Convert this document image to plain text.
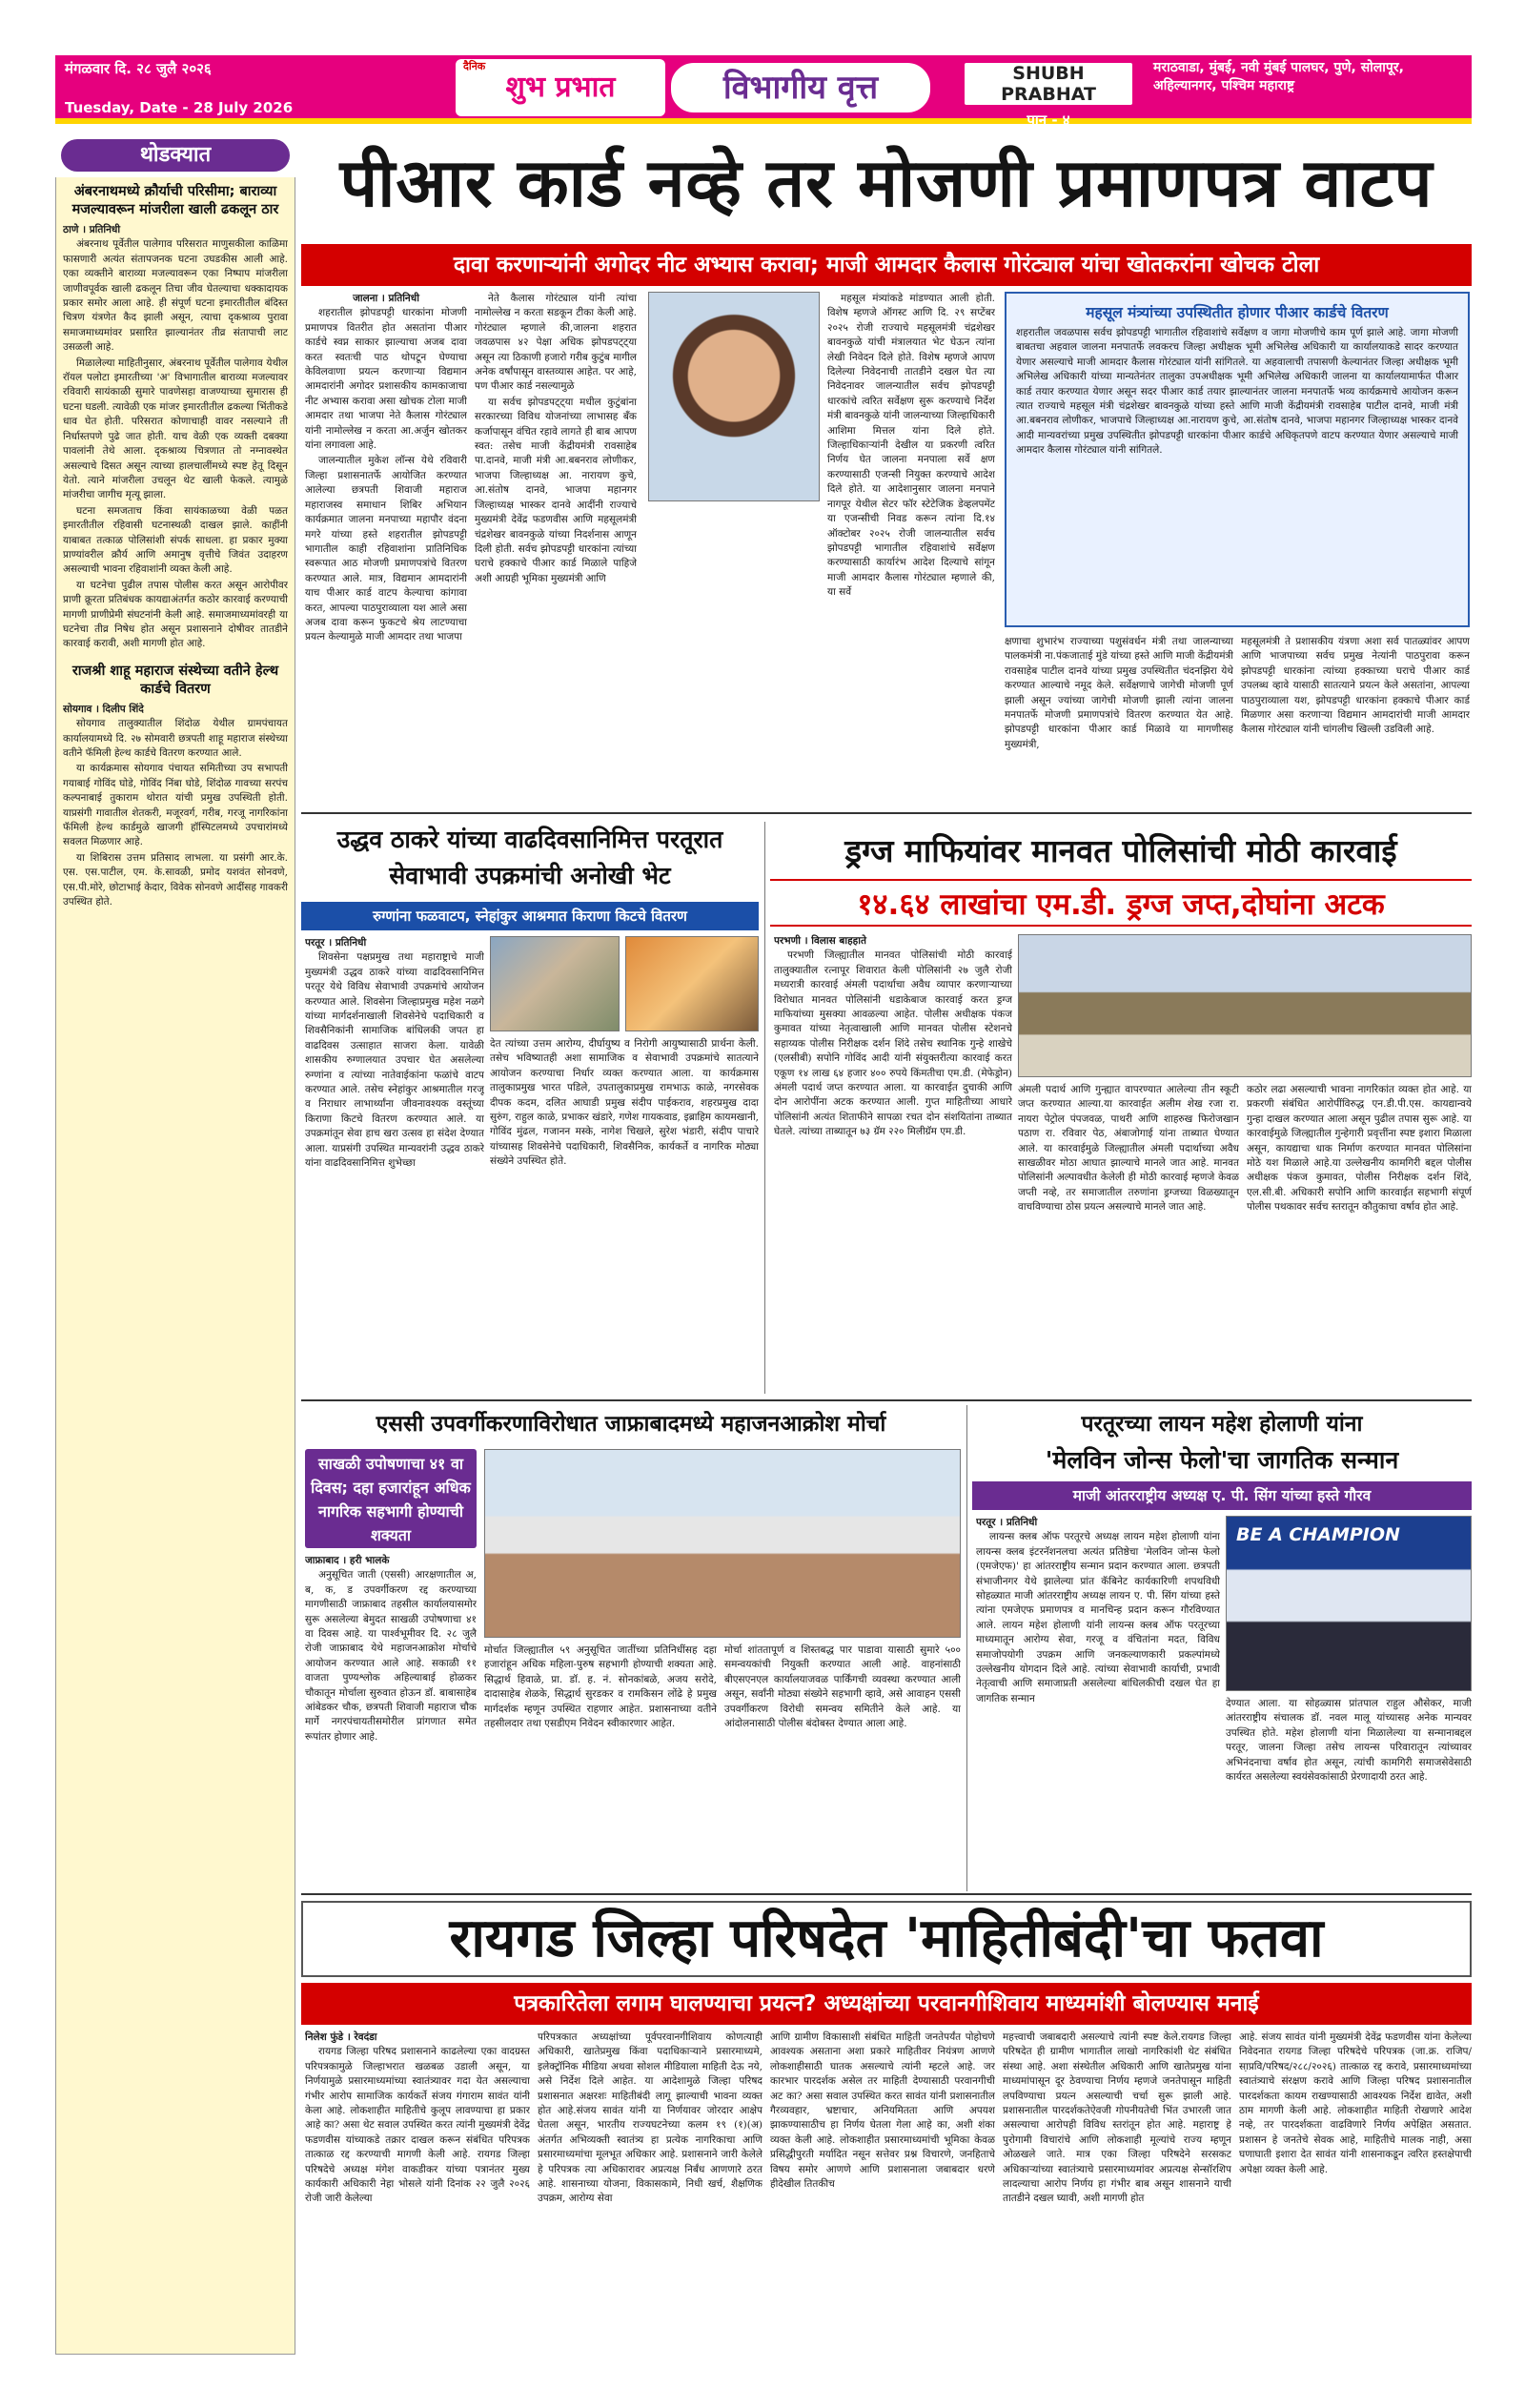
मंगळवार दि. २८ जुलै २०२६
Tuesday, Date - 28 July 2026
दैनिक
शुभ प्रभात	विभागीय वृत्त	SHUBH PRABHAT
पान - ४
मराठवाडा, मुंबई, नवी मुंबई पालघर, पुणे, सोलापूर, अहिल्यानगर, पश्चिम महाराष्ट्र
थोडक्यात
अंबरनाथमध्ये क्रौर्याची परिसीमा; बाराव्या मजल्यावरून मांजरीला खाली ढकलून ठार
ठाणे । प्रतिनिधी

अंबरनाथ पूर्वेतील पालेगाव परिसरात माणुसकीला काळिमा फासणारी अत्यंत संतापजनक घटना उघडकीस आली आहे. एका व्यक्तीने बाराव्या मजल्यावरून एका निष्पाप मांजरीला जाणीवपूर्वक खाली ढकलून तिचा जीव घेतल्याचा धक्कादायक प्रकार समोर आला आहे. ही संपूर्ण घटना इमारतीतील बंदिस्त चित्रण यंत्रणेत कैद झाली असून, त्याचा दृकश्राव्य पुरावा समाजमाध्यमांवर प्रसारित झाल्यानंतर तीव्र संतापाची लाट उसळली आहे.

मिळालेल्या माहितीनुसार, अंबरनाथ पूर्वेतील पालेगाव येथील रॉयल पलोटा इमारतीच्या 'अ' विभागातील बाराव्या मजल्यावर रविवारी सायंकाळी सुमारे पावणेसहा वाजण्याच्या सुमारास ही घटना घडली. त्यावेळी एक मांजर इमारतीतील ढकल्या भिंतीकडे धाव घेत होती. परिसरात कोणाचाही वावर नसल्याने ती निर्धास्तपणे पुढे जात होती. याच वेळी एक व्यक्ती दबक्या पावलांनी तेथे आला. दृकश्राव्य चित्रणात तो नग्नावस्थेत असल्याचे दिसत असून त्याच्या हालचालींमध्ये स्पष्ट हेतू दिसून येतो. त्याने मांजरीला उचलून थेट खाली फेकले. त्यामुळे मांजरीचा जागीच मृत्यू झाला.

घटना समजताच किंवा सायंकाळच्या वेळी पळत इमारतीतील रहिवासी घटनास्थळी दाखल झाले. काहींनी याबाबत तत्काळ पोलिसांशी संपर्क साधला. हा प्रकार मुक्या प्राण्यांवरील क्रौर्य आणि अमानुष वृत्तीचे जिवंत उदाहरण असल्याची भावना रहिवाशांनी व्यक्त केली आहे.

या घटनेचा पुढील तपास पोलीस करत असून आरोपीवर प्राणी क्रूरता प्रतिबंधक कायद्याअंतर्गत कठोर कारवाई करण्याची मागणी प्राणीप्रेमी संघटनांनी केली आहे. समाजमाध्यमांवरही या घटनेचा तीव्र निषेध होत असून प्रशासनाने दोषीवर तातडीने कारवाई करावी, अशी मागणी होत आहे.

राजश्री शाहू महाराज संस्थेच्या वतीने हेल्थ कार्डचे वितरण
सोयगाव । दिलीप शिंदे

सोयगाव तालुक्यातील शिंदोळ येथील ग्रामपंचायत कार्यालयामध्ये दि. २७ सोमवारी छत्रपती शाहू महाराज संस्थेच्या वतीने फॅमिली हेल्थ कार्डचे वितरण करण्यात आले.

या कार्यक्रमास सोयगाव पंचायत समितीच्या उप सभापती गयाबाई गोविंद घोडे, गोविंद निंबा घोडे, शिंदोळ गावच्या सरपंच कल्पनाबाई तुकाराम थोरात यांची प्रमुख उपस्थिती होती. याप्रसंगी गावातील शेतकरी, मजूरवर्ग, गरीब, गरजू नागरिकांना फॅमिली हेल्थ कार्डमुळे खाजगी हॉस्पिटलमध्ये उपचारांमध्ये सवलत मिळणार आहे.

या शिबिरास उत्तम प्रतिसाद लाभला. या प्रसंगी आर.के. एस. एस.पाटील, एम. के.सावळी, प्रमोद यशवंत सोनवणे, एस.पी.मोरे, छोटाभाई केदार, विवेक सोनवणे आदींसह गावकरी उपस्थित होते.

पीआर कार्ड नव्हे तर मोजणी प्रमाणपत्र वाटप
दावा करणाऱ्यांनी अगोदर नीट अभ्यास करावा; माजी आमदार कैलास गोरंट्याल यांचा खोतकरांना खोचक टोला
जालना । प्रतिनिधी

शहरातील झोपडपट्टी धारकांना मोजणी प्रमाणपत्र वितरीत होत असतांना पीआर कार्डचे स्वप्न साकार झाल्याचा अजब दावा करत स्वतःची पाठ थोपटून घेण्याचा केविलवाणा प्रयत्न करणाऱ्या विद्यमान आमदारांनी अगोदर प्रशासकीय कामकाजाचा नीट अभ्यास करावा असा खोचक टोला माजी आमदार तथा भाजपा नेते कैलास गोरंट्याल यांनी नामोल्लेख न करता आ.अर्जुन खोतकर यांना लगावला आहे.

जालन्यातील मुकेश लॉन्स येथे रविवारी जिल्हा प्रशासनातर्फे आयोजित करण्यात आलेल्या छत्रपती शिवाजी महाराज महाराजस्व समाधान शिबिर अभियान कार्यक्रमात जालना मनपाच्या महापौर वंदना मगरे यांच्या हस्ते शहरातील झोपडपट्टी भागातील काही रहिवाशांना प्रातिनिधिक स्वरूपात आठ मोजणी प्रमाणपत्रांचे वितरण करण्यात आले. मात्र, विद्यमान आमदारांनी याच पीआर कार्ड वाटप केल्याचा कांगावा करत, आपल्या पाठपुराव्याला यश आले असा अजब दावा करून फुकटचे श्रेय लाटण्याचा प्रयत्न केल्यामुळे माजी आमदार तथा भाजपा

नेते कैलास गोरंट्याल यांनी त्यांचा नामोल्लेख न करता सडकून टीका केली आहे. गोरंट्याल म्हणाले की,जालना शहरात जवळपास ४२ पेक्षा अधिक झोपडपट्ट्या असून त्या ठिकाणी हजारो गरीब कुटुंब मागील अनेक वर्षांपासून वास्तव्यास आहेत. पर आहे, पण पीआर कार्ड नसल्यामुळे

या सर्वच झोपडपट्ट्या मधील कुटुंबांना सरकारच्या विविध योजनांच्या लाभासह बँक कर्जापासून वंचित रहावे लागते ही बाब आपण स्वत: तसेच माजी केंद्रीयमंत्री रावसाहेब पा.दानवे, माजी मंत्री आ.बबनराव लोणीकर, भाजपा जिल्हाध्यक्ष आ. नारायण कुचे, आ.संतोष दानवे, भाजपा महानगर जिल्हाध्यक्ष भास्कर दानवे आदींनी राज्याचे मुख्यमंत्री देवेंद्र फडणवीस आणि महसूलमंत्री चंद्रशेखर बावनकुळे यांच्या निदर्शनास आणून दिली होती. सर्वच झोपडपट्टी धारकांना त्यांच्या घराचे हक्काचे पीआर कार्ड मिळाले पाहिजे अशी आग्रही भूमिका मुख्यमंत्री आणि

महसूल मंत्र्यांकडे मांडण्यात आली होती. विशेष म्हणजे ऑगस्ट आणि दि. २९ सप्टेंबर २०२५ रोजी राज्याचे महसूलमंत्री चंद्रशेखर बावनकुळे यांची मंत्रालयात भेट घेऊन त्यांना लेखी निवेदन दिले होते. विशेष म्हणजे आपण दिलेल्या निवेदनाची तातडीने दखल घेत त्या निवेदनावर जालन्यातील सर्वच झोपडपट्टी धारकांचे त्वरित सर्वेक्षण सुरू करण्याचे निर्देश मंत्री बावनकुळे यांनी जालन्याच्या जिल्हाधिकारी आशिमा मित्तल यांना दिले होते. जिल्हाधिकाऱ्यांनी देखील या प्रकरणी त्वरित निर्णय घेत जालना मनपाला सर्वे क्षण करण्यासाठी एजन्सी नियुक्त करण्याचे आदेश दिले होते. या आदेशानुसार जालना मनपाने नागपूर येथील सेटर फॉर स्टेटेजिक डेव्हलपमेंट या एजन्सीची निवड करून त्यांना दि.१४ ऑक्टोबर २०२५ रोजी जालन्यातील सर्वच झोपडपट्टी भागातील रहिवाशांचे सर्वेक्षण करण्यासाठी कार्यारंभ आदेश दिल्याचे सांगून माजी आमदार कैलास गोरंट्याल म्हणाले की, या सर्वे

महसूल मंत्र्यांच्या उपस्थितीत होणार पीआर कार्डचे वितरण
शहरातील जवळपास सर्वच झोपडपट्टी भागातील रहिवाशांचे सर्वेक्षण व जागा मोजणीचे काम पूर्ण झाले आहे. जागा मोजणी बाबतचा अहवाल जालना मनपातर्फे लवकरच जिल्हा अधीक्षक भूमी अभिलेख अधिकारी या कार्यालयाकडे सादर करण्यात येणार असल्याचे माजी आमदार कैलास गोरंट्याल यांनी सांगितले. या अहवालाची तपासणी केल्यानंतर जिल्हा अधीक्षक भूमी अभिलेख अधिकारी यांच्या मान्यतेनंतर तालुका उपअधीक्षक भूमी अभिलेख अधिकारी जालना या कार्यालयामार्फत पीआर कार्ड तयार करण्यात येणार असून सदर पीआर कार्ड तयार झाल्यानंतर जालना मनपातर्फे भव्य कार्यक्रमाचे आयोजन करून त्यात राज्याचे महसूल मंत्री चंद्रशेखर बावनकुळे यांच्या हस्ते आणि माजी केंद्रीयमंत्री रावसाहेब पाटील दानवे, माजी मंत्री आ.बबनराव लोणीकर, भाजपाचे जिल्हाध्यक्ष आ.नारायण कुचे, आ.संतोष दानवे, भाजपा महानगर जिल्हाध्यक्ष भास्कर दानवे आदी मान्यवरांच्या प्रमुख उपस्थितीत झोपडपट्टी धारकांना पीआर कार्डचे अधिकृतपणे वाटप करण्यात येणार असल्याचे माजी आमदार कैलास गोरंट्याल यांनी सांगितले.
क्षणाचा शुभारंभ राज्याच्या पशुसंवर्धन मंत्री तथा जालन्याच्या पालकमंत्री ना.पंकजाताई मुंडे यांच्या हस्ते आणि माजी केंद्रीयमंत्री रावसाहेब पाटील दानवे यांच्या प्रमुख उपस्थितीत चंदनझिरा येथे करण्यात आल्याचे नमूद केले. सर्वेक्षणाचे जागेची मोजणी पूर्ण झाली असून ज्यांच्या जागेची मोजणी झाली त्यांना जालना मनपातर्फे मोजणी प्रमाणपत्रांचे वितरण करण्यात येत आहे. झोपडपट्टी धारकांना पीआर कार्ड मिळावे या मागणीसह मुख्यमंत्री,
महसूलमंत्री ते प्रशासकीय यंत्रणा अशा सर्व पातळ्यांवर आपण आणि भाजपाच्या सर्वच प्रमुख नेत्यांनी पाठपुरावा करून झोपडपट्टी धारकांना त्यांच्या हक्काच्या घराचे पीआर कार्ड उपलब्ध व्हावे यासाठी सातत्याने प्रयत्न केले असतांना, आपल्या पाठपुराव्याला यश, झोपडपट्टी धारकांना हक्काचे पीआर कार्ड मिळणार असा करणाऱ्या विद्यमान आमदारांची माजी आमदार कैलास गोरंट्याल यांनी चांगलीच खिल्ली उडविली आहे.
उद्धव ठाकरे यांच्या वाढदिवसानिमित्त परतूरात सेवाभावी उपक्रमांची अनोखी भेट
रुग्णांना फळवाटप, स्नेहांकुर आश्रमात किराणा किटचे वितरण
परतूर । प्रतिनिधी

शिवसेना पक्षप्रमुख तथा महाराष्ट्राचे माजी मुख्यमंत्री उद्धव ठाकरे यांच्या वाढदिवसानिमित्त परतूर येथे विविध सेवाभावी उपक्रमांचे आयोजन करण्यात आले. शिवसेना जिल्हाप्रमुख महेश नळगे यांच्या मार्गदर्शनाखाली शिवसेनेचे पदाधिकारी व शिवसैनिकांनी सामाजिक बांधिलकी जपत हा वाढदिवस उत्साहात साजरा केला. यावेळी शासकीय रुग्णालयात उपचार घेत असलेल्या रुग्णांना व त्यांच्या नातेवाईकांना फळांचे वाटप करण्यात आले. तसेच स्नेहांकुर आश्रमातील गरजू व निराधार लाभार्थ्यांना जीवनावश्यक वस्तूंच्या किराणा किटचे वितरण करण्यात आले. या उपक्रमांतून सेवा हाच खरा उत्सव हा संदेश देण्यात आला. याप्रसंगी उपस्थित मान्यवरांनी उद्धव ठाकरे यांना वाढदिवसानिमित्त शुभेच्छा

देत त्यांच्या उत्तम आरोग्य, दीर्घायुष्य व निरोगी आयुष्यासाठी प्रार्थना केली. तसेच भविष्यातही अशा सामाजिक व सेवाभावी उपक्रमांचे सातत्याने आयोजन करण्याचा निर्धार व्यक्त करण्यात आला. या कार्यक्रमास तालुकाप्रमुख भारत पडिले, उपतालुकाप्रमुख रामभाऊ काळे, नगरसेवक दीपक कदम, दलित आघाडी प्रमुख संदीप पाईकराव, शहरप्रमुख दादा सुरुंग, राहुल काळे, प्रभाकर खंडारे, गणेश गायकवाड, इब्राहिम कायमखानी, गोविंद मुंढल, गजानन मस्के, नागेश चिखले, सुरेश भंडारी, संदीप पाचारे यांच्यासह शिवसेनेचे पदाधिकारी, शिवसैनिक, कार्यकर्ते व नागरिक मोठ्या संख्येने उपस्थित होते.
ड्रग्ज माफियांवर मानवत पोलिसांची मोठी कारवाई
१४.६४ लाखांचा एम.डी. ड्रग्ज जप्त,दोघांना अटक
परभणी । विलास बाहहाते

परभणी जिल्ह्यातील मानवत पोलिसांची मोठी कारवाई तालुक्यातील रत्नापूर शिवारात केली पोलिसांनी २७ जुलै रोजी मध्यरात्री कारवाई अंमली पदार्थाचा अवैध व्यापार करणाऱ्याच्या विरोधात मानवत पोलिसांनी धडाकेबाज कारवाई करत ड्रग्ज माफियांच्या मुसक्या आवळल्या आहेत. पोलीस अधीक्षक पंकज कुमावत यांच्या नेतृत्वाखाली आणि मानवत पोलीस स्टेशनचे सहाय्यक पोलीस निरीक्षक दर्शन शिंदे तसेच स्थानिक गुन्हे शाखेचे (एलसीबी) सपोनि गोविंद आदी यांनी संयुक्तरीत्या कारवाई करत एकूण १४ लाख ६४ हजार ४०० रुपये किंमतीचा एम.डी. (मेफेड्रोन) अंमली पदार्थ जप्त करण्यात आला. या कारवाईत दुचाकी आणि दोन आरोपींना अटक करण्यात आली. गुप्त माहितीच्या आधारे पोलिसांनी अत्यंत शिताफीने सापळा रचत दोन संशयितांना ताब्यात घेतले. त्यांच्या ताब्यातून ७३ ग्रॅम २२० मिलीग्रॅम एम.डी.

अंमली पदार्थ आणि गुन्ह्यात वापरण्यात आलेल्या तीन स्कूटी जप्त करण्यात आल्या.या कारवाईत अलीम शेख रजा रा. नायरा पेट्रोल पंपजवळ, पाथरी आणि शाहरुख फिरोजखान पठाण रा. रविवार पेठ, अंबाजोगाई यांना ताब्यात घेण्यात आले. या कारवाईमुळे जिल्ह्यातील अंमली पदार्थाच्या अवैध साखळीवर मोठा आघात झाल्याचे मानले जात आहे. मानवत पोलिसांनी अल्पावधीत केलेली ही मोठी कारवाई म्हणजे केवळ जप्ती नव्हे, तर समाजातील तरुणांना ड्रग्जच्या विळख्यातून वाचविण्याचा ठोस प्रयत्न असल्याचे मानले जात आहे.
कठोर लढा असल्याची भावना नागरिकांत व्यक्त होत आहे. या प्रकरणी संबंधित आरोपींविरुद्ध एन.डी.पी.एस. कायद्यान्वये गुन्हा दाखल करण्यात आला असून पुढील तपास सुरू आहे. या कारवाईमुळे जिल्ह्यातील गुन्हेगारी प्रवृत्तींना स्पष्ट इशारा मिळाला असून, कायद्याचा धाक निर्माण करण्यात मानवत पोलिसांना मोठे यश मिळाले आहे.या उल्लेखनीय कामगिरी बद्दल पोलीस अधीक्षक पंकज कुमावत, पोलीस निरीक्षक दर्शन शिंदे, एल.सी.बी. अधिकारी सपोनि आणि कारवाईत सहभागी संपूर्ण पोलीस पथकावर सर्वच स्तरातून कौतुकाचा वर्षाव होत आहे.
एससी उपवर्गीकरणाविरोधात जाफ्राबादमध्ये महाजनआक्रोश मोर्चा
साखळी उपोषणाचा ४१ वा दिवस; दहा हजारांहून अधिक नागरिक सहभागी होण्याची शक्यता
जाफ्राबाद । हरी भालके

अनुसूचित जाती (एससी) आरक्षणातील अ, ब, क, ड उपवर्गीकरण रद्द करण्याच्या मागणीसाठी जाफ्राबाद तहसील कार्यालयासमोर सुरू असलेल्या बेमुदत साखळी उपोषणाचा ४१ वा दिवस आहे. या पार्श्वभूमीवर दि. २८ जुलै रोजी जाफ्राबाद येथे महाजनआक्रोश मोर्चाचे आयोजन करण्यात आले आहे. सकाळी ११ वाजता पुण्यश्लोक अहिल्याबाई होळकर चौकातून मोर्चाला सुरुवात होऊन डॉ. बाबासाहेब आंबेडकर चौक, छत्रपती शिवाजी महाराज चौक मार्गे नगरपंचायतीसमोरील प्रांगणात समेत रूपांतर होणार आहे.

मोर्चात जिल्ह्यातील ५९ अनुसूचित जातींच्या प्रतिनिधींसह दहा हजारांहून अधिक महिला-पुरुष सहभागी होण्याची शक्यता आहे. सिद्धार्थ हिवाळे, प्रा. डॉ. ह. नं. सोनकांबळे, अजय सरोदे, दादासाहेब शेळके, सिद्धार्थ सुरडकर व रामकिसन लोंढे हे प्रमुख मार्गदर्शक म्हणून उपस्थित राहणार आहेत. प्रशासनाच्या वतीने तहसीलदार तथा एसडीएम निवेदन स्वीकारणार आहेत.
मोर्चा शांततापूर्ण व शिस्तबद्ध पार पाडावा यासाठी सुमारे ५०० समन्वयकांची नियुक्ती करण्यात आली आहे. वाहनांसाठी बीएसएनएल कार्यालयाजवळ पार्किंगची व्यवस्था करण्यात आली असून, सर्वांनी मोठ्या संख्येने सहभागी व्हावे, असे आवाहन एससी उपवर्गीकरण विरोधी समन्वय समितीने केले आहे. या आंदोलनासाठी पोलीस बंदोबस्त देण्यात आला आहे.
परतूरच्या लायन महेश होलाणी यांना
'मेलविन जोन्स फेलो'चा जागतिक सन्मान
माजी आंतरराष्ट्रीय अध्यक्ष ए. पी. सिंग यांच्या हस्ते गौरव
परतूर । प्रतिनिधी

लायन्स क्लब ऑफ परतूरचे अध्यक्ष लायन महेश होलाणी यांना लायन्स क्लब इंटरनॅशनलचा अत्यंत प्रतिष्ठेचा 'मेलविन जोन्स फेलो (एमजेएफ)' हा आंतरराष्ट्रीय सन्मान प्रदान करण्यात आला. छत्रपती संभाजीनगर येथे झालेल्या प्रांत कॅबिनेट कार्यकारिणी शपथविधी सोहळ्यात माजी आंतरराष्ट्रीय अध्यक्ष लायन ए. पी. सिंग यांच्या हस्ते त्यांना एमजेएफ प्रमाणपत्र व मानचिन्ह प्रदान करून गौरविण्यात आले. लायन महेश होलाणी यांनी लायन्स क्लब ऑफ परतूरच्या माध्यमातून आरोग्य सेवा, गरजू व वंचितांना मदत, विविध समाजोपयोगी उपक्रम आणि जनकल्याणकारी प्रकल्पांमध्ये उल्लेखनीय योगदान दिले आहे. त्यांच्या सेवाभावी कार्याची, प्रभावी नेतृत्वाची आणि समाजाप्रती असलेल्या बांधिलकीची दखल घेत हा जागतिक सन्मान

BE A CHAMPION
देण्यात आला. या सोहळ्यास प्रांतपाल राहुल औसेकर, माजी आंतरराष्ट्रीय संचालक डॉ. नवल मालू यांच्यासह अनेक मान्यवर उपस्थित होते. महेश होलाणी यांना मिळालेल्या या सन्मानाबद्दल परतूर, जालना जिल्हा तसेच लायन्स परिवारातून त्यांच्यावर अभिनंदनाचा वर्षाव होत असून, त्यांची कामगिरी समाजसेवेसाठी कार्यरत असलेल्या स्वयंसेवकांसाठी प्रेरणादायी ठरत आहे.
रायगड जिल्हा परिषदेत 'माहितीबंदी'चा फतवा
पत्रकारितेला लगाम घालण्याचा प्रयत्न? अध्यक्षांच्या परवानगीशिवाय माध्यमांशी बोलण्यास मनाई
निलेश फुंडे । रेवदंडा

रायगड जिल्हा परिषद प्रशासनाने काढलेल्या एका वादग्रस्त परिपत्रकामुळे जिल्हाभरात खळबळ उडाली असून, या निर्णयामुळे प्रसारमाध्यमांच्या स्वातंत्र्यावर गदा येत असल्याचा गंभीर आरोप सामाजिक कार्यकर्ते संजय गंगाराम सावंत यांनी केला आहे. लोकशाहीत माहितीचे कुलूप लावण्याचा हा प्रकार आहे का? असा थेट सवाल उपस्थित करत त्यांनी मुख्यमंत्री देवेंद्र फडणवीस यांच्याकडे तक्रार दाखल करून संबंधित परिपत्रक तात्काळ रद्द करण्याची मागणी केली आहे. रायगड जिल्हा परिषदेचे अध्यक्ष मंगेश वाकडीकर यांच्या पत्रानंतर मुख्य कार्यकारी अधिकारी नेहा भोसले यांनी दिनांक २२ जुलै २०२६ रोजी जारी केलेल्या

परिपत्रकात अध्यक्षांच्या पूर्वपरवानगीशिवाय कोणत्याही अधिकारी, खातेप्रमुख किंवा पदाधिकाऱ्याने प्रसारमाध्यमे, इलेक्ट्रॉनिक मीडिया अथवा सोशल मीडियाला माहिती देऊ नये, असे निर्देश दिले आहेत. या आदेशामुळे जिल्हा परिषद प्रशासनात अक्षरशः माहितीबंदी लागू झाल्याची भावना व्यक्त होत आहे.संजय सावंत यांनी या निर्णयावर जोरदार आक्षेप घेतला असून, भारतीय राज्यघटनेच्या कलम १९ (१)(अ) अंतर्गत अभिव्यक्ती स्वातंत्र्य हा प्रत्येक नागरिकाचा आणि प्रसारमाध्यमांचा मूलभूत अधिकार आहे. प्रशासनाने जारी केलेले हे परिपत्रक त्या अधिकारावर अप्रत्यक्ष निर्बंध आणणारे ठरत आहे. शासनाच्या योजना, विकासकामे, निधी खर्च, शैक्षणिक उपक्रम, आरोग्य सेवा
आणि ग्रामीण विकासाशी संबंधित माहिती जनतेपर्यंत पोहोचणे आवश्यक असताना अशा प्रकारे माहितीवर नियंत्रण आणणे लोकशाहीसाठी घातक असल्याचे त्यांनी म्हटले आहे. जर कारभार पारदर्शक असेल तर माहिती देण्यासाठी परवानगीची अट का? असा सवाल उपस्थित करत सावंत यांनी प्रशासनातील गैरव्यवहार, भ्रष्टाचार, अनियमितता आणि अपयश झाकण्यासाठीच हा निर्णय घेतला गेला आहे का, अशी शंका व्यक्त केली आहे. लोकशाहीत प्रसारमाध्यमांची भूमिका केवळ प्रसिद्धीपुरती मर्यादित नसून सत्तेवर प्रश्न विचारणे, जनहिताचे विषय समोर आणणे आणि प्रशासनाला जबाबदार धरणे हीदेखील तितकीच
महत्त्वाची जबाबदारी असल्याचे त्यांनी स्पष्ट केले.रायगड जिल्हा परिषदेत ही ग्रामीण भागातील लाखो नागरिकांशी थेट संबंधित संस्था आहे. अशा संस्थेतील अधिकारी आणि खातेप्रमुख यांना माध्यमांपासून दूर ठेवण्याचा निर्णय म्हणजे जनतेपासून माहिती लपविण्याचा प्रयत्न असल्याची चर्चा सुरू झाली आहे. प्रशासनातील पारदर्शकतेऐवजी गोपनीयतेची भिंत उभारली जात असल्याचा आरोपही विविध स्तरांतून होत आहे. महाराष्ट्र हे पुरोगामी विचारांचे आणि लोकशाही मूल्यांचे राज्य म्हणून ओळखले जाते. मात्र एका जिल्हा परिषदेने सरसकट अधिकाऱ्यांच्या स्वातंत्र्याचे प्रसारमाध्यमांवर अप्रत्यक्ष सेन्सॉरशिप लादल्याचा आरोप निर्णय हा गंभीर बाब असून शासनाने याची तातडीने दखल घ्यावी, अशी मागणी होत
आहे. संजय सावंत यांनी मुख्यमंत्री देवेंद्र फडणवीस यांना केलेल्या निवेदनात रायगड जिल्हा परिषदेचे परिपत्रक (जा.क्र. राजिप/सा़प्रवि/परिषद/२८८/२०२६) तात्काळ रद्द करावे, प्रसारमाध्यमांच्या स्वातंत्र्याचे संरक्षण करावे आणि जिल्हा परिषद प्रशासनातील पारदर्शकता कायम राखण्यासाठी आवश्यक निर्देश द्यावेत, अशी ठाम मागणी केली आहे. लोकशाहीत माहिती रोखणारे आदेश नव्हे, तर पारदर्शकता वाढविणारे निर्णय अपेक्षित असतात. प्रशासन हे जनतेचे सेवक आहे, माहितीचे मालक नाही, असा घणाघाती इशारा देत सावंत यांनी शासनाकडून त्वरित हस्तक्षेपाची अपेक्षा व्यक्त केली आहे.
